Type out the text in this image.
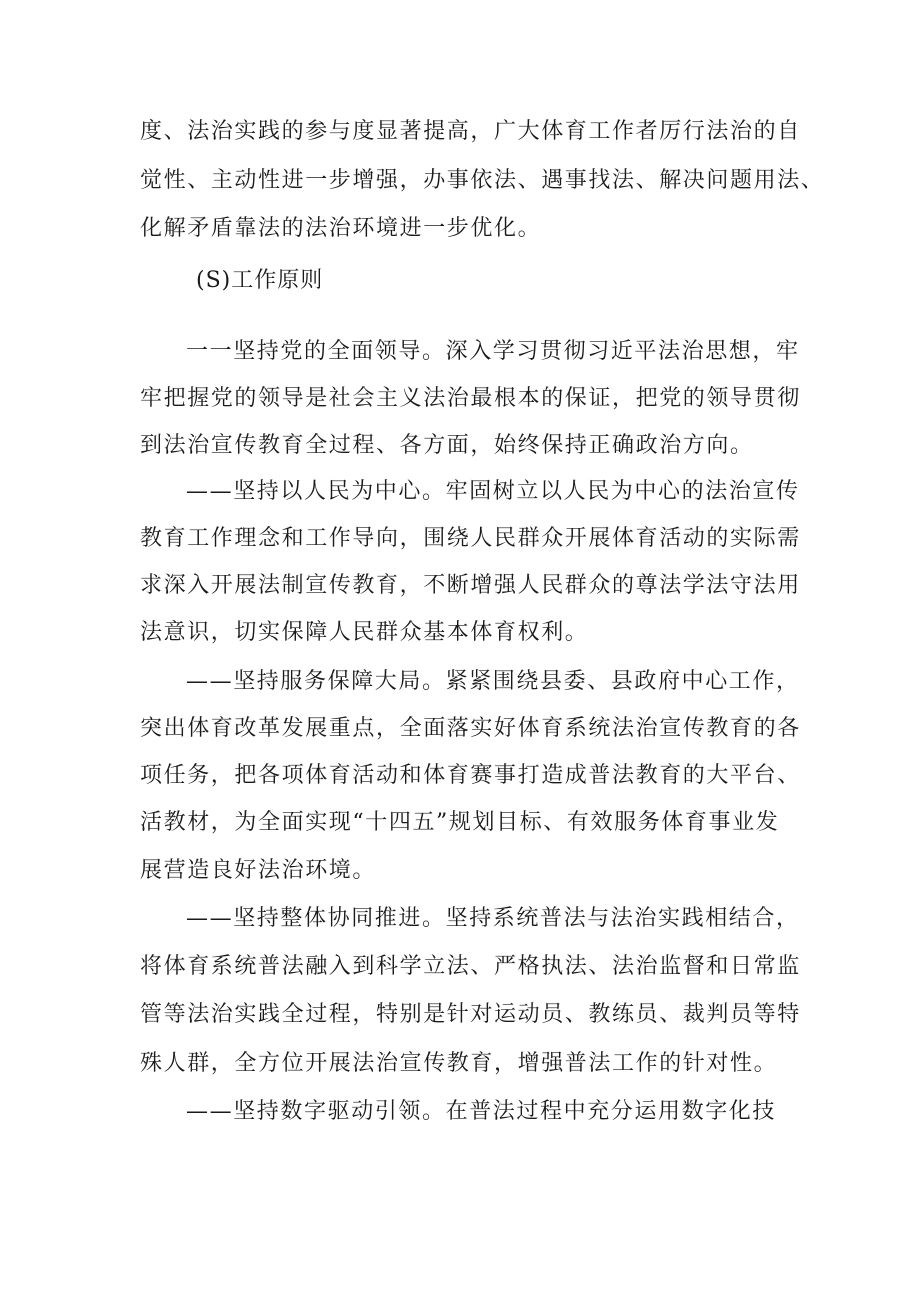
度、法治实践的参与度显著提高，广大体育工作者厉行法治的自
觉性、主动性进一步增强，办事依法、遇事找法、解决问题用法、
化解矛盾靠法的法治环境进一步优化。
(S)工作原则
一一坚持党的全面领导。深入学习贯彻习近平法治思想，牢
牢把握党的领导是社会主义法治最根本的保证，把党的领导贯彻
到法治宣传教育全过程、各方面，始终保持正确政治方向。
——坚持以人民为中心。牢固树立以人民为中心的法治宣传
教育工作理念和工作导向，围绕人民群众开展体育活动的实际需
求深入开展法制宣传教育，不断增强人民群众的尊法学法守法用
法意识，切实保障人民群众基本体育权利。
——坚持服务保障大局。紧紧围绕县委、县政府中心工作，
突出体育改革发展重点，全面落实好体育系统法治宣传教育的各
项任务，把各项体育活动和体育赛事打造成普法教育的大平台、
活教材，为全面实现“十四五”规划目标、有效服务体育事业发
展营造良好法治环境。
——坚持整体协同推进。坚持系统普法与法治实践相结合，
将体育系统普法融入到科学立法、严格执法、法治监督和日常监
管等法治实践全过程，特别是针对运动员、教练员、裁判员等特
殊人群，全方位开展法治宣传教育，增强普法工作的针对性。
——坚持数字驱动引领。在普法过程中充分运用数字化技
